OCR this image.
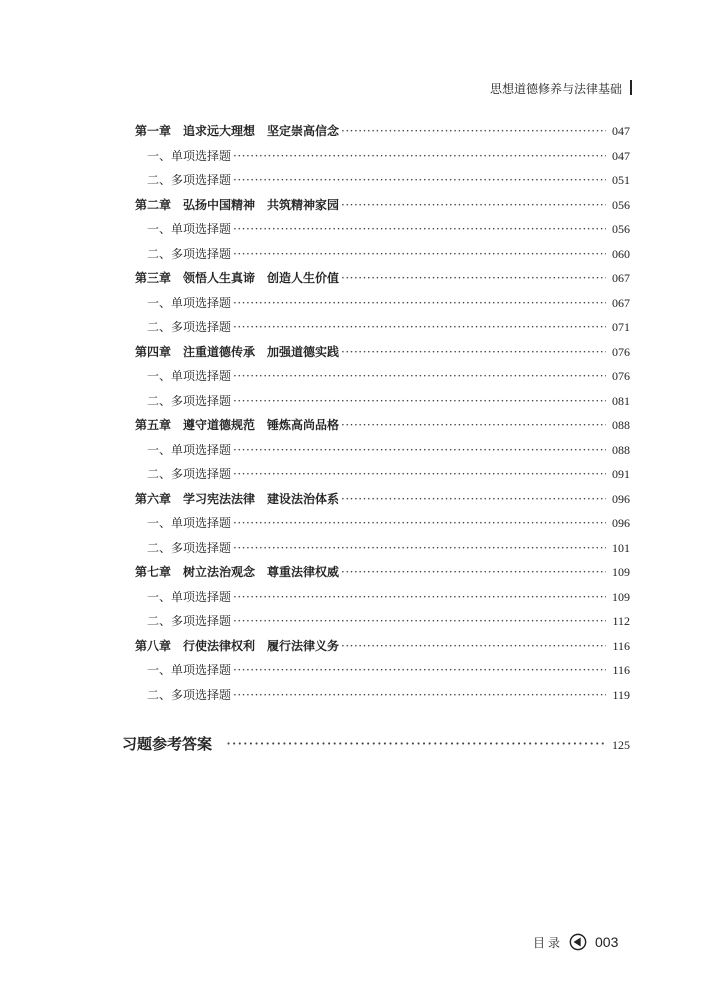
思想道德修养与法律基础
第一章　追求远大理想　坚定崇高信念 ·····	047
一、单项选择题 ·····	047
二、多项选择题 ·····	051
第二章　弘扬中国精神　共筑精神家园 ·····	056
一、单项选择题 ·····	056
二、多项选择题 ·····	060
第三章　领悟人生真谛　创造人生价值 ·····	067
一、单项选择题 ·····	067
二、多项选择题 ·····	071
第四章　注重道德传承　加强道德实践 ·····	076
一、单项选择题 ·····	076
二、多项选择题 ·····	081
第五章　遵守道德规范　锤炼高尚品格 ·····	088
一、单项选择题 ·····	088
二、多项选择题 ·····	091
第六章　学习宪法法律　建设法治体系 ·····	096
一、单项选择题 ·····	096
二、多项选择题 ·····	101
第七章　树立法治观念　尊重法律权威 ·····	109
一、单项选择题 ·····	109
二、多项选择题 ·····	112
第八章　行使法律权利　履行法律义务 ·····	116
一、单项选择题 ·····	116
二、多项选择题 ·····	119
习题参考答案 ·····	125
目录 003
